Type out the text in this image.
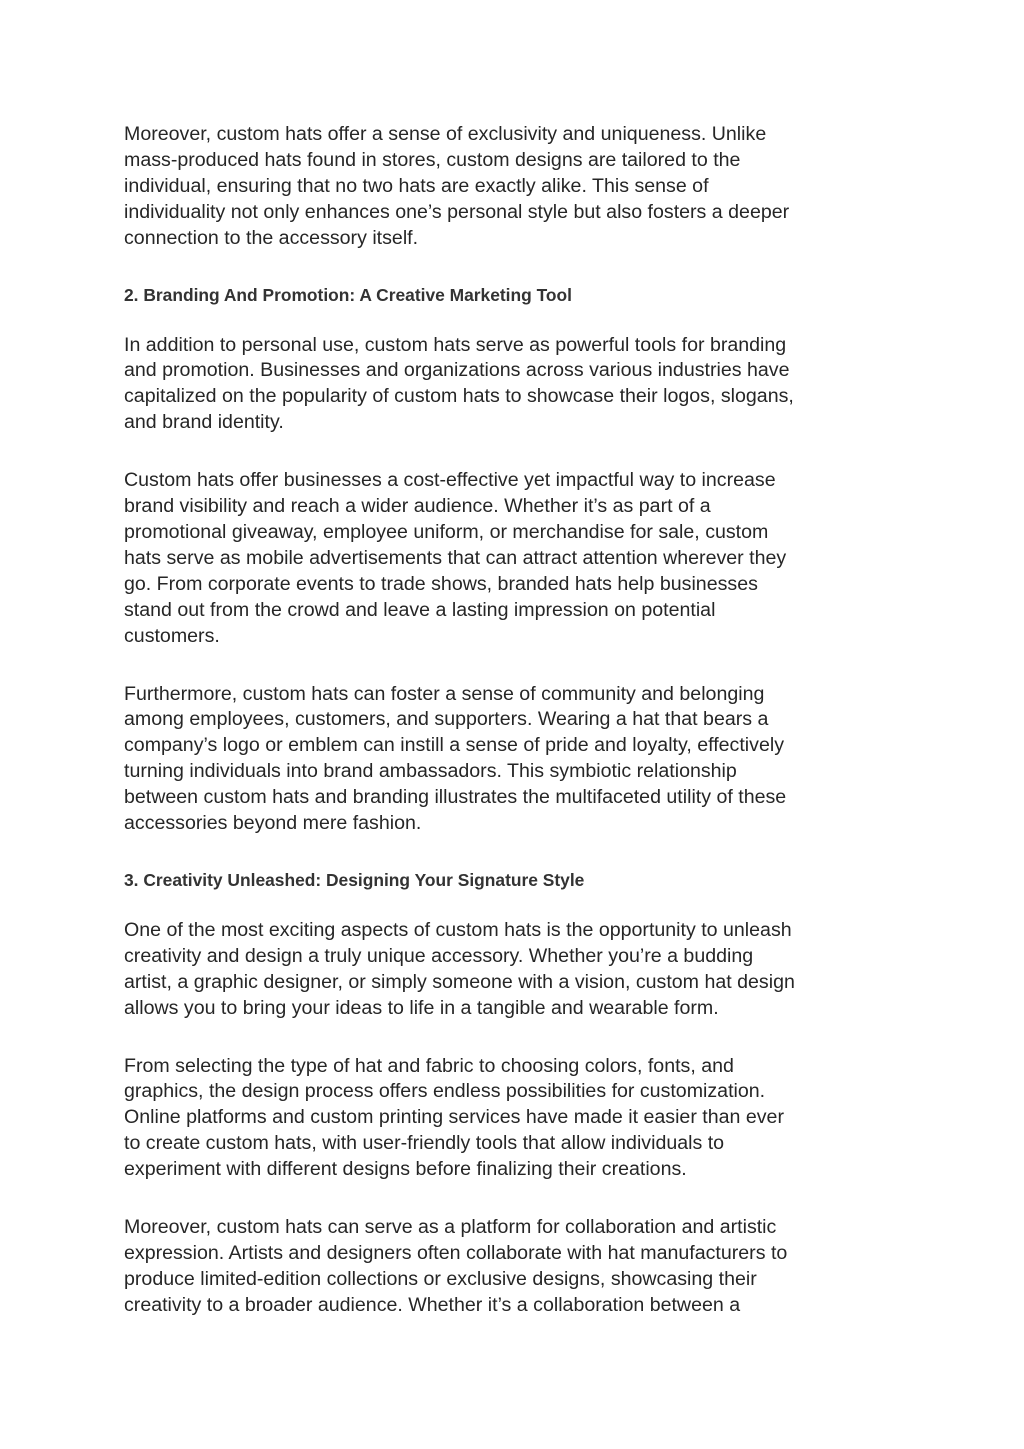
Moreover, custom hats offer a sense of exclusivity and uniqueness. Unlike
mass-produced hats found in stores, custom designs are tailored to the
individual, ensuring that no two hats are exactly alike. This sense of
individuality not only enhances one’s personal style but also fosters a deeper
connection to the accessory itself.

2. Branding And Promotion: A Creative Marketing Tool

In addition to personal use, custom hats serve as powerful tools for branding
and promotion. Businesses and organizations across various industries have
capitalized on the popularity of custom hats to showcase their logos, slogans,
and brand identity.

Custom hats offer businesses a cost-effective yet impactful way to increase
brand visibility and reach a wider audience. Whether it’s as part of a
promotional giveaway, employee uniform, or merchandise for sale, custom
hats serve as mobile advertisements that can attract attention wherever they
go. From corporate events to trade shows, branded hats help businesses
stand out from the crowd and leave a lasting impression on potential
customers.

Furthermore, custom hats can foster a sense of community and belonging
among employees, customers, and supporters. Wearing a hat that bears a
company’s logo or emblem can instill a sense of pride and loyalty, effectively
turning individuals into brand ambassadors. This symbiotic relationship
between custom hats and branding illustrates the multifaceted utility of these
accessories beyond mere fashion.

3. Creativity Unleashed: Designing Your Signature Style

One of the most exciting aspects of custom hats is the opportunity to unleash
creativity and design a truly unique accessory. Whether you’re a budding
artist, a graphic designer, or simply someone with a vision, custom hat design
allows you to bring your ideas to life in a tangible and wearable form.

From selecting the type of hat and fabric to choosing colors, fonts, and
graphics, the design process offers endless possibilities for customization.
Online platforms and custom printing services have made it easier than ever
to create custom hats, with user-friendly tools that allow individuals to
experiment with different designs before finalizing their creations.

Moreover, custom hats can serve as a platform for collaboration and artistic
expression. Artists and designers often collaborate with hat manufacturers to
produce limited-edition collections or exclusive designs, showcasing their
creativity to a broader audience. Whether it’s a collaboration between a
